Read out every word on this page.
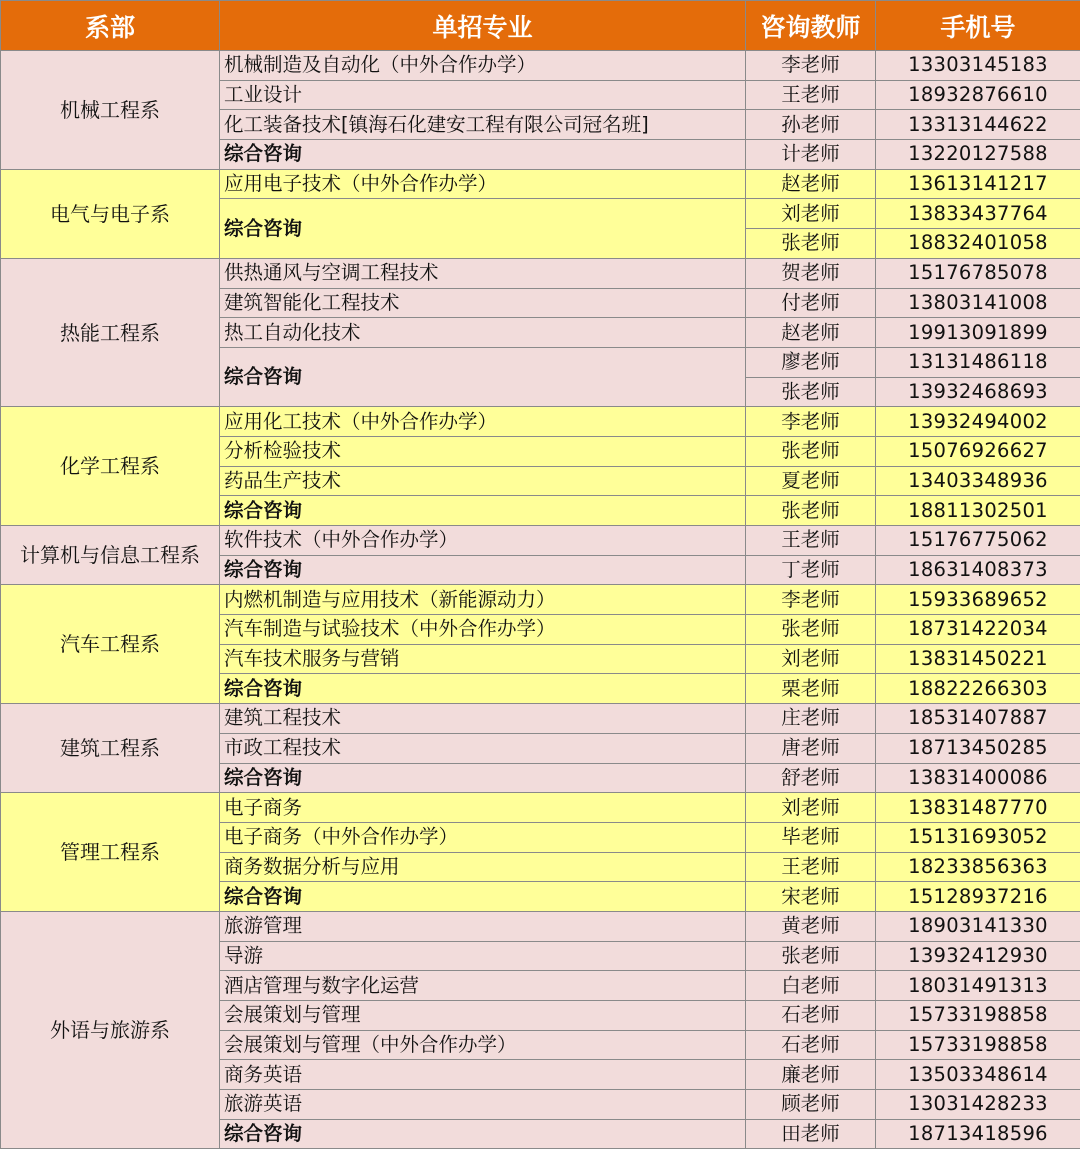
系部	单招专业	咨询教师	手机号
机械工程系	机械制造及自动化（中外合作办学）	李老师	13303145183
	工业设计	王老师	18932876610
	化工装备技术[镇海石化建安工程有限公司冠名班]	孙老师	13313144622
	综合咨询	计老师	13220127588
电气与电子系	应用电子技术（中外合作办学）	赵老师	13613141217
	综合咨询	刘老师	13833437764
		张老师	18832401058
热能工程系	供热通风与空调工程技术	贺老师	15176785078
	建筑智能化工程技术	付老师	13803141008
	热工自动化技术	赵老师	19913091899
	综合咨询	廖老师	13131486118
		张老师	13932468693
化学工程系	应用化工技术（中外合作办学）	李老师	13932494002
	分析检验技术	张老师	15076926627
	药品生产技术	夏老师	13403348936
	综合咨询	张老师	18811302501
计算机与信息工程系	软件技术（中外合作办学）	王老师	15176775062
	综合咨询	丁老师	18631408373
汽车工程系	内燃机制造与应用技术（新能源动力）	李老师	15933689652
	汽车制造与试验技术（中外合作办学）	张老师	18731422034
	汽车技术服务与营销	刘老师	13831450221
	综合咨询	栗老师	18822266303
建筑工程系	建筑工程技术	庄老师	18531407887
	市政工程技术	唐老师	18713450285
	综合咨询	舒老师	13831400086
管理工程系	电子商务	刘老师	13831487770
	电子商务（中外合作办学）	毕老师	15131693052
	商务数据分析与应用	王老师	18233856363
	综合咨询	宋老师	15128937216
外语与旅游系	旅游管理	黄老师	18903141330
	导游	张老师	13932412930
	酒店管理与数字化运营	白老师	18031491313
	会展策划与管理	石老师	15733198858
	会展策划与管理（中外合作办学）	石老师	15733198858
	商务英语	廉老师	13503348614
	旅游英语	顾老师	13031428233
	综合咨询	田老师	18713418596
